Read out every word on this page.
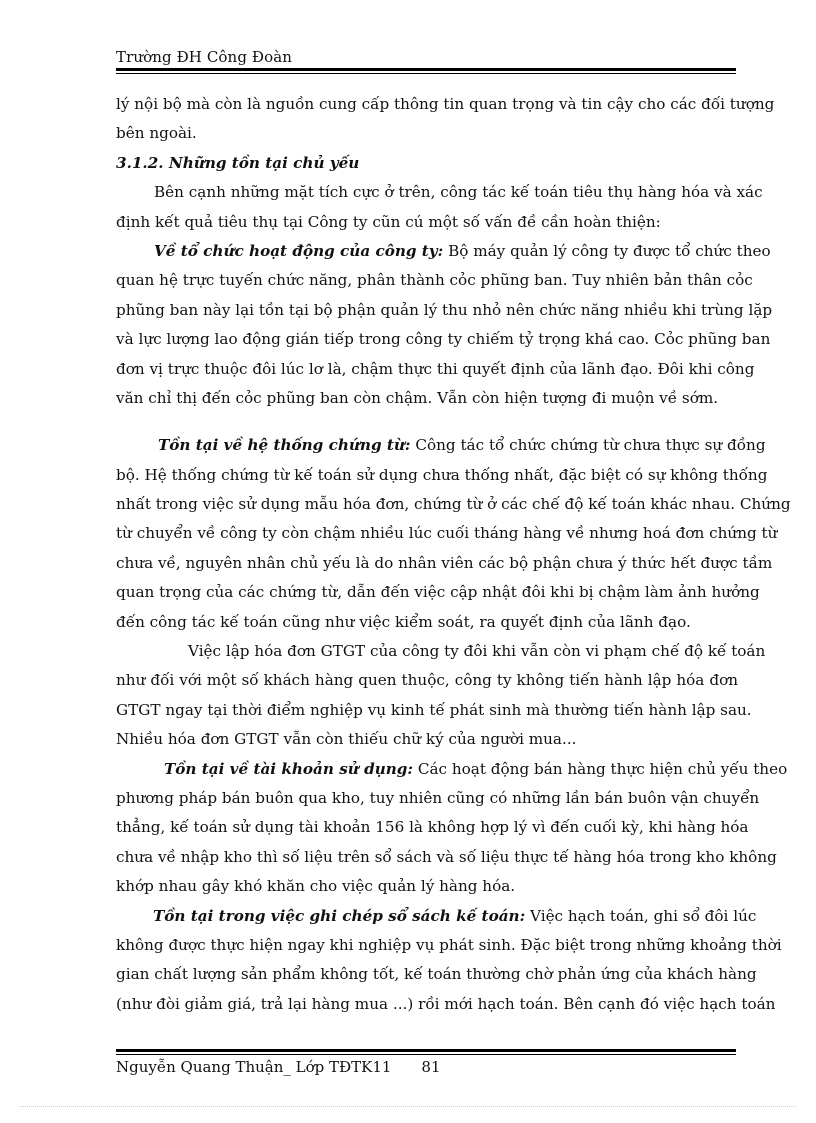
Trường ĐH Công Đoàn
lý nội bộ mà còn là nguồn cung cấp thông tin quan trọng và tin cậy cho các đối tượng
bên ngoài.
3.1.2. Những tồn tại chủ yếu
Bên cạnh những mặt tích cực ở trên, công tác kế toán tiêu thụ hàng hóa và xác
định kết quả tiêu thụ tại Công ty cũn cú một số vấn đề cần hoàn thiện:
Về tổ chức hoạt động của công ty: Bộ máy quản lý công ty được tổ chức theo
quan hệ trực tuyến chức năng, phân thành cỏc phũng ban. Tuy nhiên bản thân cỏc
phũng ban này lại tồn tại bộ phận quản lý thu nhỏ nên chức năng nhiều khi trùng lặp
và lực lượng lao động gián tiếp trong công ty chiếm tỷ trọng khá cao. Cỏc phũng ban
đơn vị trực thuộc đôi lúc lơ là, chậm thực thi quyết định của lãnh đạo. Đôi khi công
văn chỉ thị đến cỏc phũng ban còn chậm. Vẫn còn hiện tượng đi muộn về sớm.
Tồn tại về hệ thống chứng từ: Công tác tổ chức chứng từ chưa thực sự đồng
bộ. Hệ thống chứng từ kế toán sử dụng chưa thống nhất, đặc biệt có sự không thống
nhất trong việc sử dụng mẫu hóa đơn, chứng từ ở các chế độ kế toán khác nhau. Chứng
từ chuyển về công ty còn chậm nhiều lúc cuối tháng hàng về nhưng hoá đơn chứng từ
chưa về, nguyên nhân chủ yếu là do nhân viên các bộ phận chưa ý thức hết được tầm
quan trọng của các chứng từ, dẫn đến việc cập nhật đôi khi bị chậm làm ảnh hưởng
đến công tác kế toán cũng như việc kiểm soát, ra quyết định của lãnh đạo.
Việc lập hóa đơn GTGT của công ty đôi khi vẫn còn vi phạm chế độ kế toán
như đối với một số khách hàng quen thuộc, công ty không tiến hành lập hóa đơn
GTGT ngay tại thời điểm nghiệp vụ kinh tế phát sinh mà thường tiến hành lập sau.
Nhiều hóa đơn GTGT vẫn còn thiếu chữ ký của người mua...
Tồn tại về tài khoản sử dụng: Các hoạt động bán hàng thực hiện chủ yếu theo
phương pháp bán buôn qua kho, tuy nhiên cũng có những lần bán buôn vận chuyển
thẳng, kế toán sử dụng tài khoản 156 là không hợp lý vì đến cuối kỳ, khi hàng hóa
chưa về nhập kho thì số liệu trên sổ sách và số liệu thực tế hàng hóa trong kho không
khớp nhau gây khó khăn cho việc quản lý hàng hóa.
Tồn tại trong việc ghi chép sổ sách kế toán: Việc hạch toán, ghi sổ đôi lúc
không được thực hiện ngay khi nghiệp vụ phát sinh. Đặc biệt trong những khoảng thời
gian chất lượng sản phẩm không tốt, kế toán thường chờ phản ứng của khách hàng
(như đòi giảm giá, trả lại hàng mua ...) rồi mới hạch toán. Bên cạnh đó việc hạch toán
Nguyễn Quang Thuận_ Lớp TĐTK11 81
